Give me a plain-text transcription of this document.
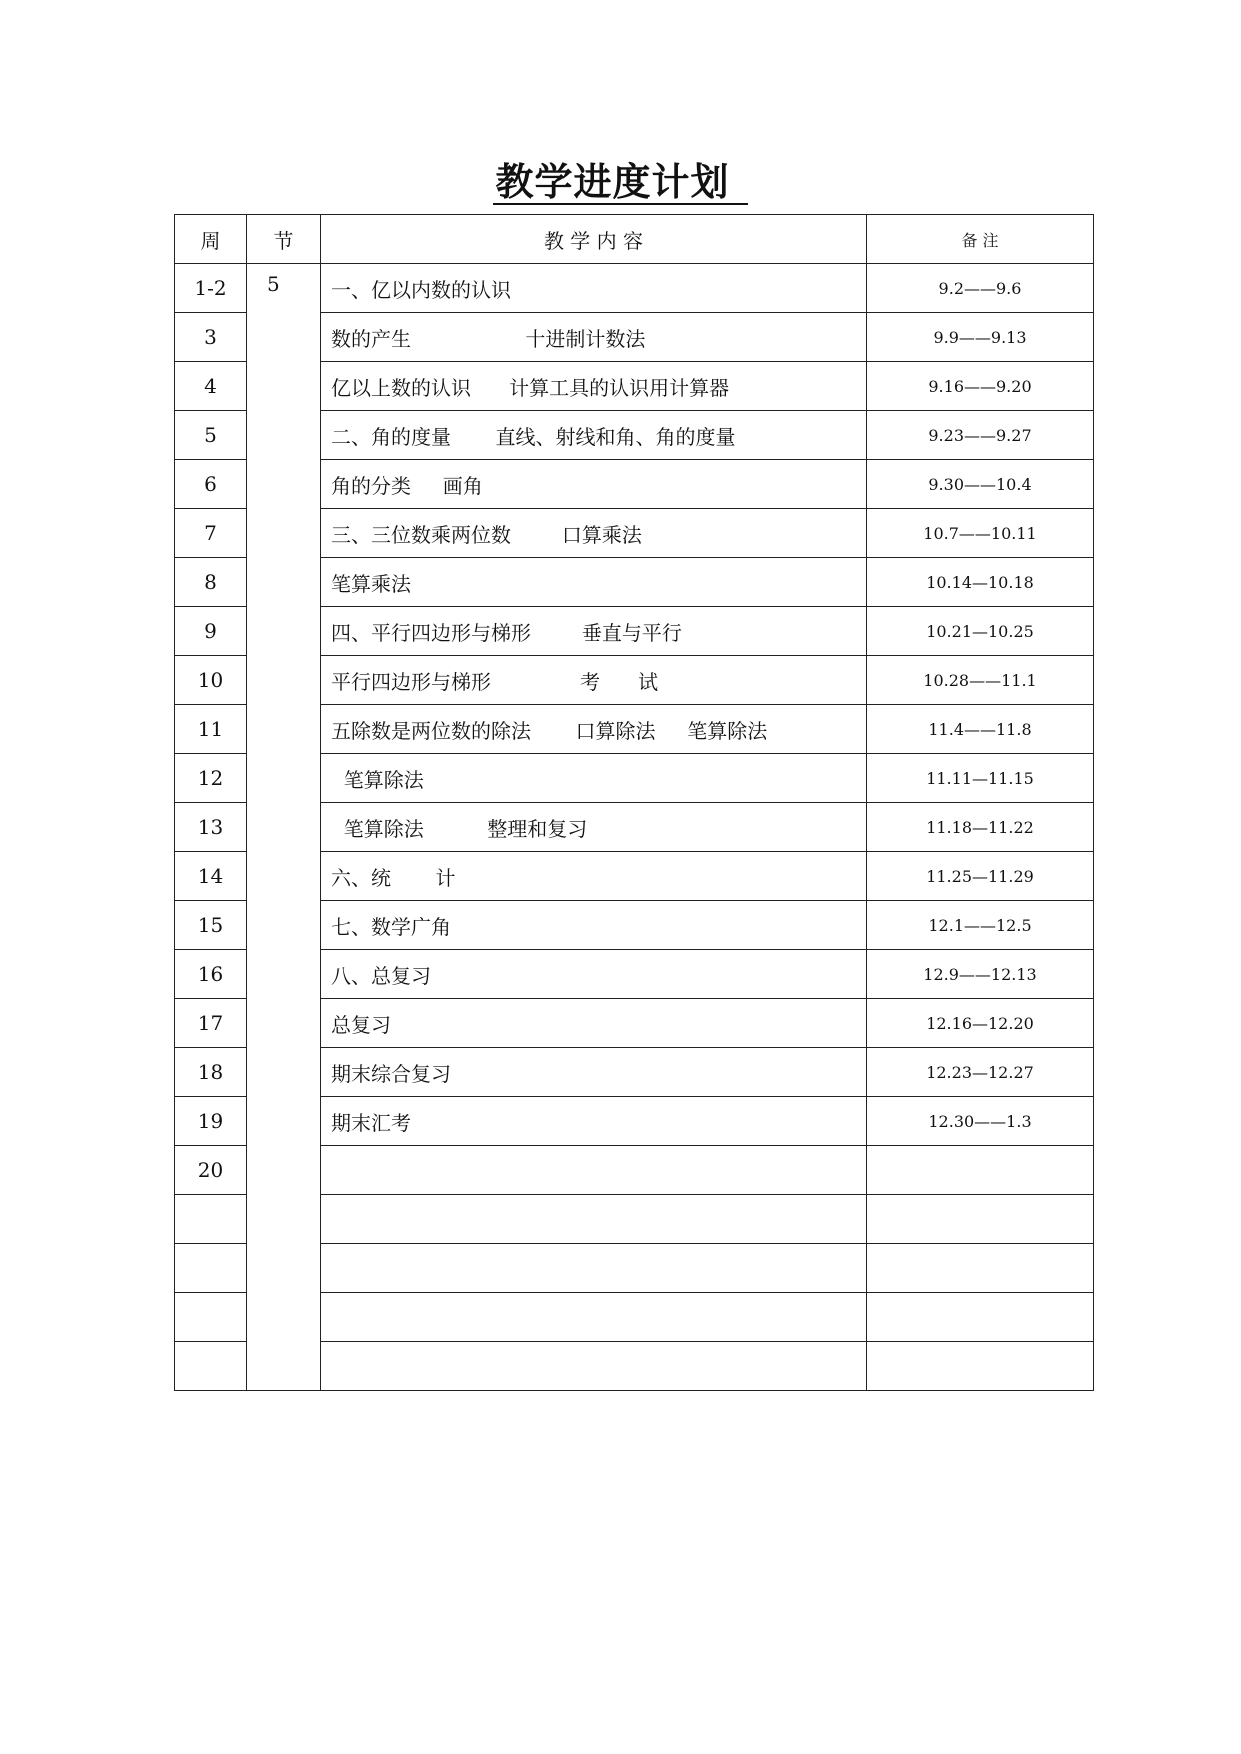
教学进度计划
周	节	教 学 内 容	备 注
1-2	5	一、亿以内数的认识	9.2——9.6
3		数的产生                  十进制计数法	9.9——9.13
4		亿以上数的认识      计算工具的认识用计算器	9.16——9.20
5		二、角的度量       直线、射线和角、角的度量	9.23——9.27
6		角的分类     画角	9.30——10.4
7		三、三位数乘两位数        口算乘法	10.7——10.11
8		笔算乘法	10.14—10.18
9		四、平行四边形与梯形        垂直与平行	10.21—10.25
10		平行四边形与梯形              考      试	10.28——11.1
11		五除数是两位数的除法       口算除法     笔算除法	11.4——11.8
12		笔算除法	11.11—11.15
13		笔算除法          整理和复习	11.18—11.22
14		六、统       计	11.25—11.29
15		七、数学广角	12.1——12.5
16		八、总复习	12.9——12.13
17		总复习	12.16—12.20
18		期末综合复习	12.23—12.27
19		期末汇考	12.30——1.3
20			
